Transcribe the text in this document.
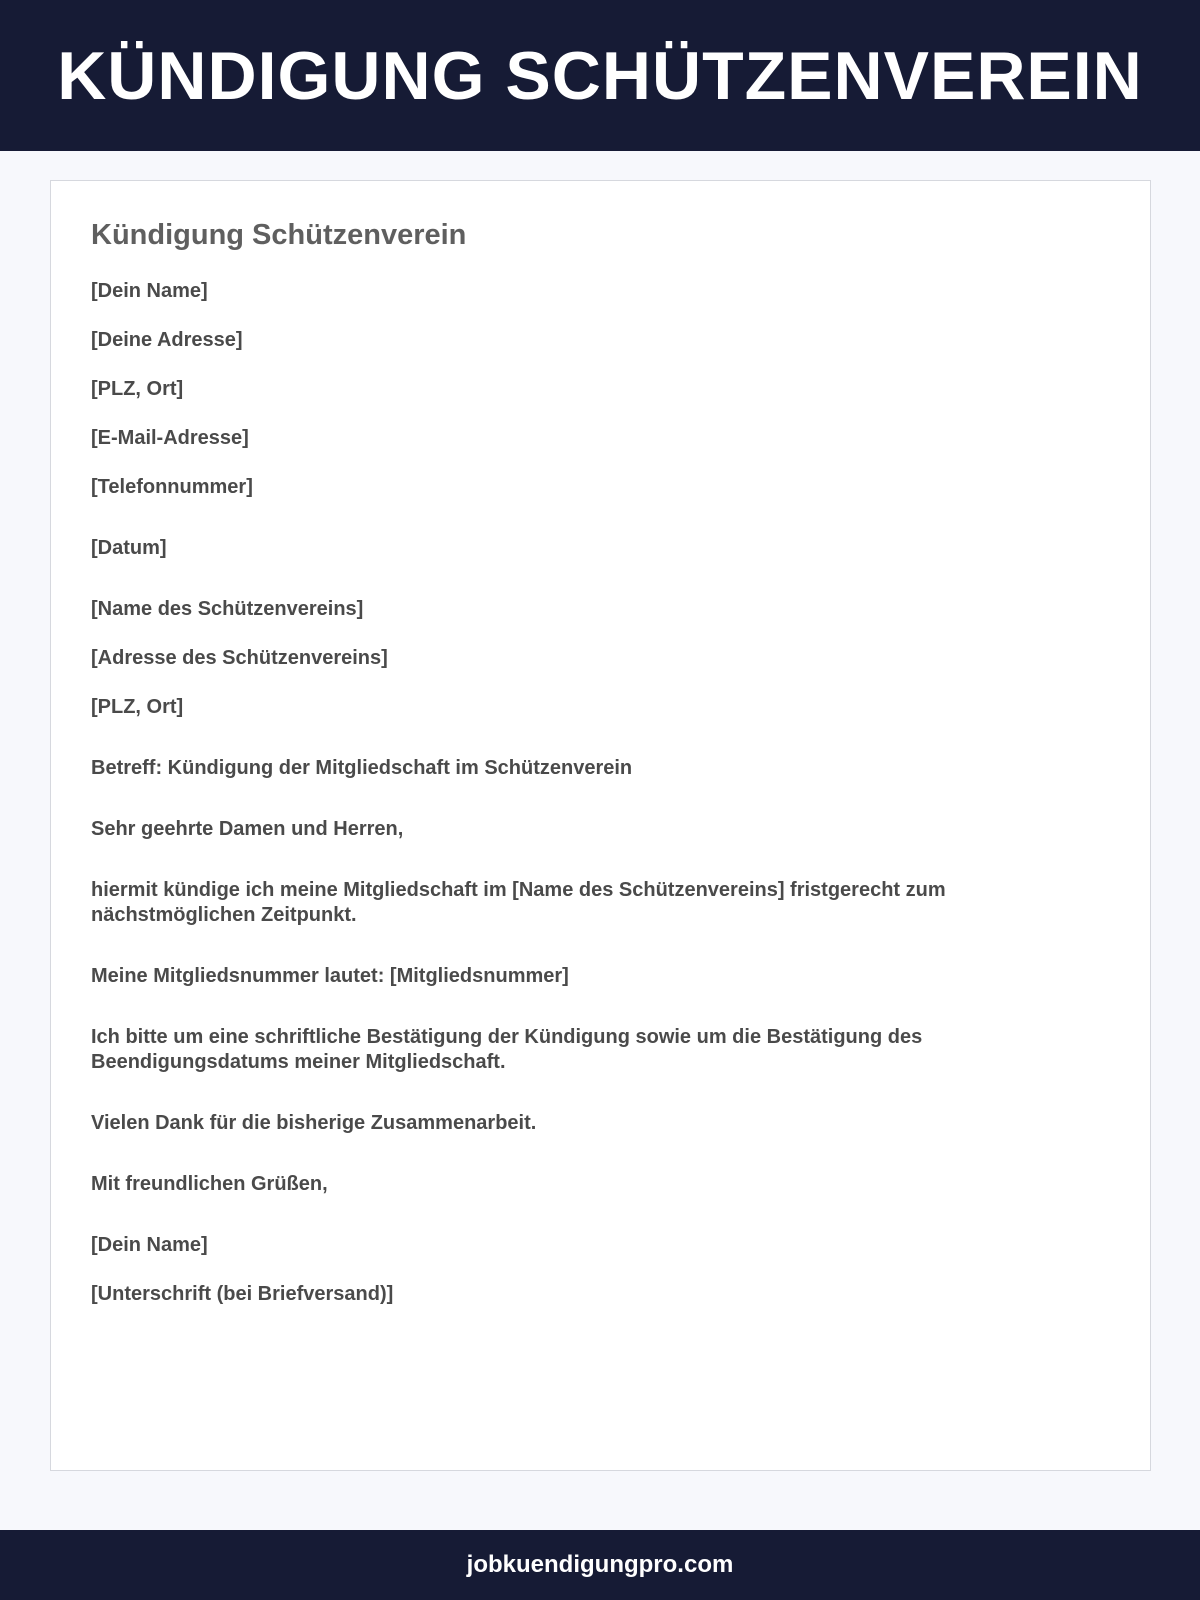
KÜNDIGUNG SCHÜTZENVEREIN
Kündigung Schützenverein
[Dein Name]
[Deine Adresse]
[PLZ, Ort]
[E-Mail-Adresse]
[Telefonnummer]
[Datum]
[Name des Schützenvereins]
[Adresse des Schützenvereins]
[PLZ, Ort]
Betreff: Kündigung der Mitgliedschaft im Schützenverein
Sehr geehrte Damen und Herren,
hiermit kündige ich meine Mitgliedschaft im [Name des Schützenvereins] fristgerecht zum nächstmöglichen Zeitpunkt.
Meine Mitgliedsnummer lautet: [Mitgliedsnummer]
Ich bitte um eine schriftliche Bestätigung der Kündigung sowie um die Bestätigung des Beendigungsdatums meiner Mitgliedschaft.
Vielen Dank für die bisherige Zusammenarbeit.
Mit freundlichen Grüßen,
[Dein Name]
[Unterschrift (bei Briefversand)]
jobkuendigungpro.com
